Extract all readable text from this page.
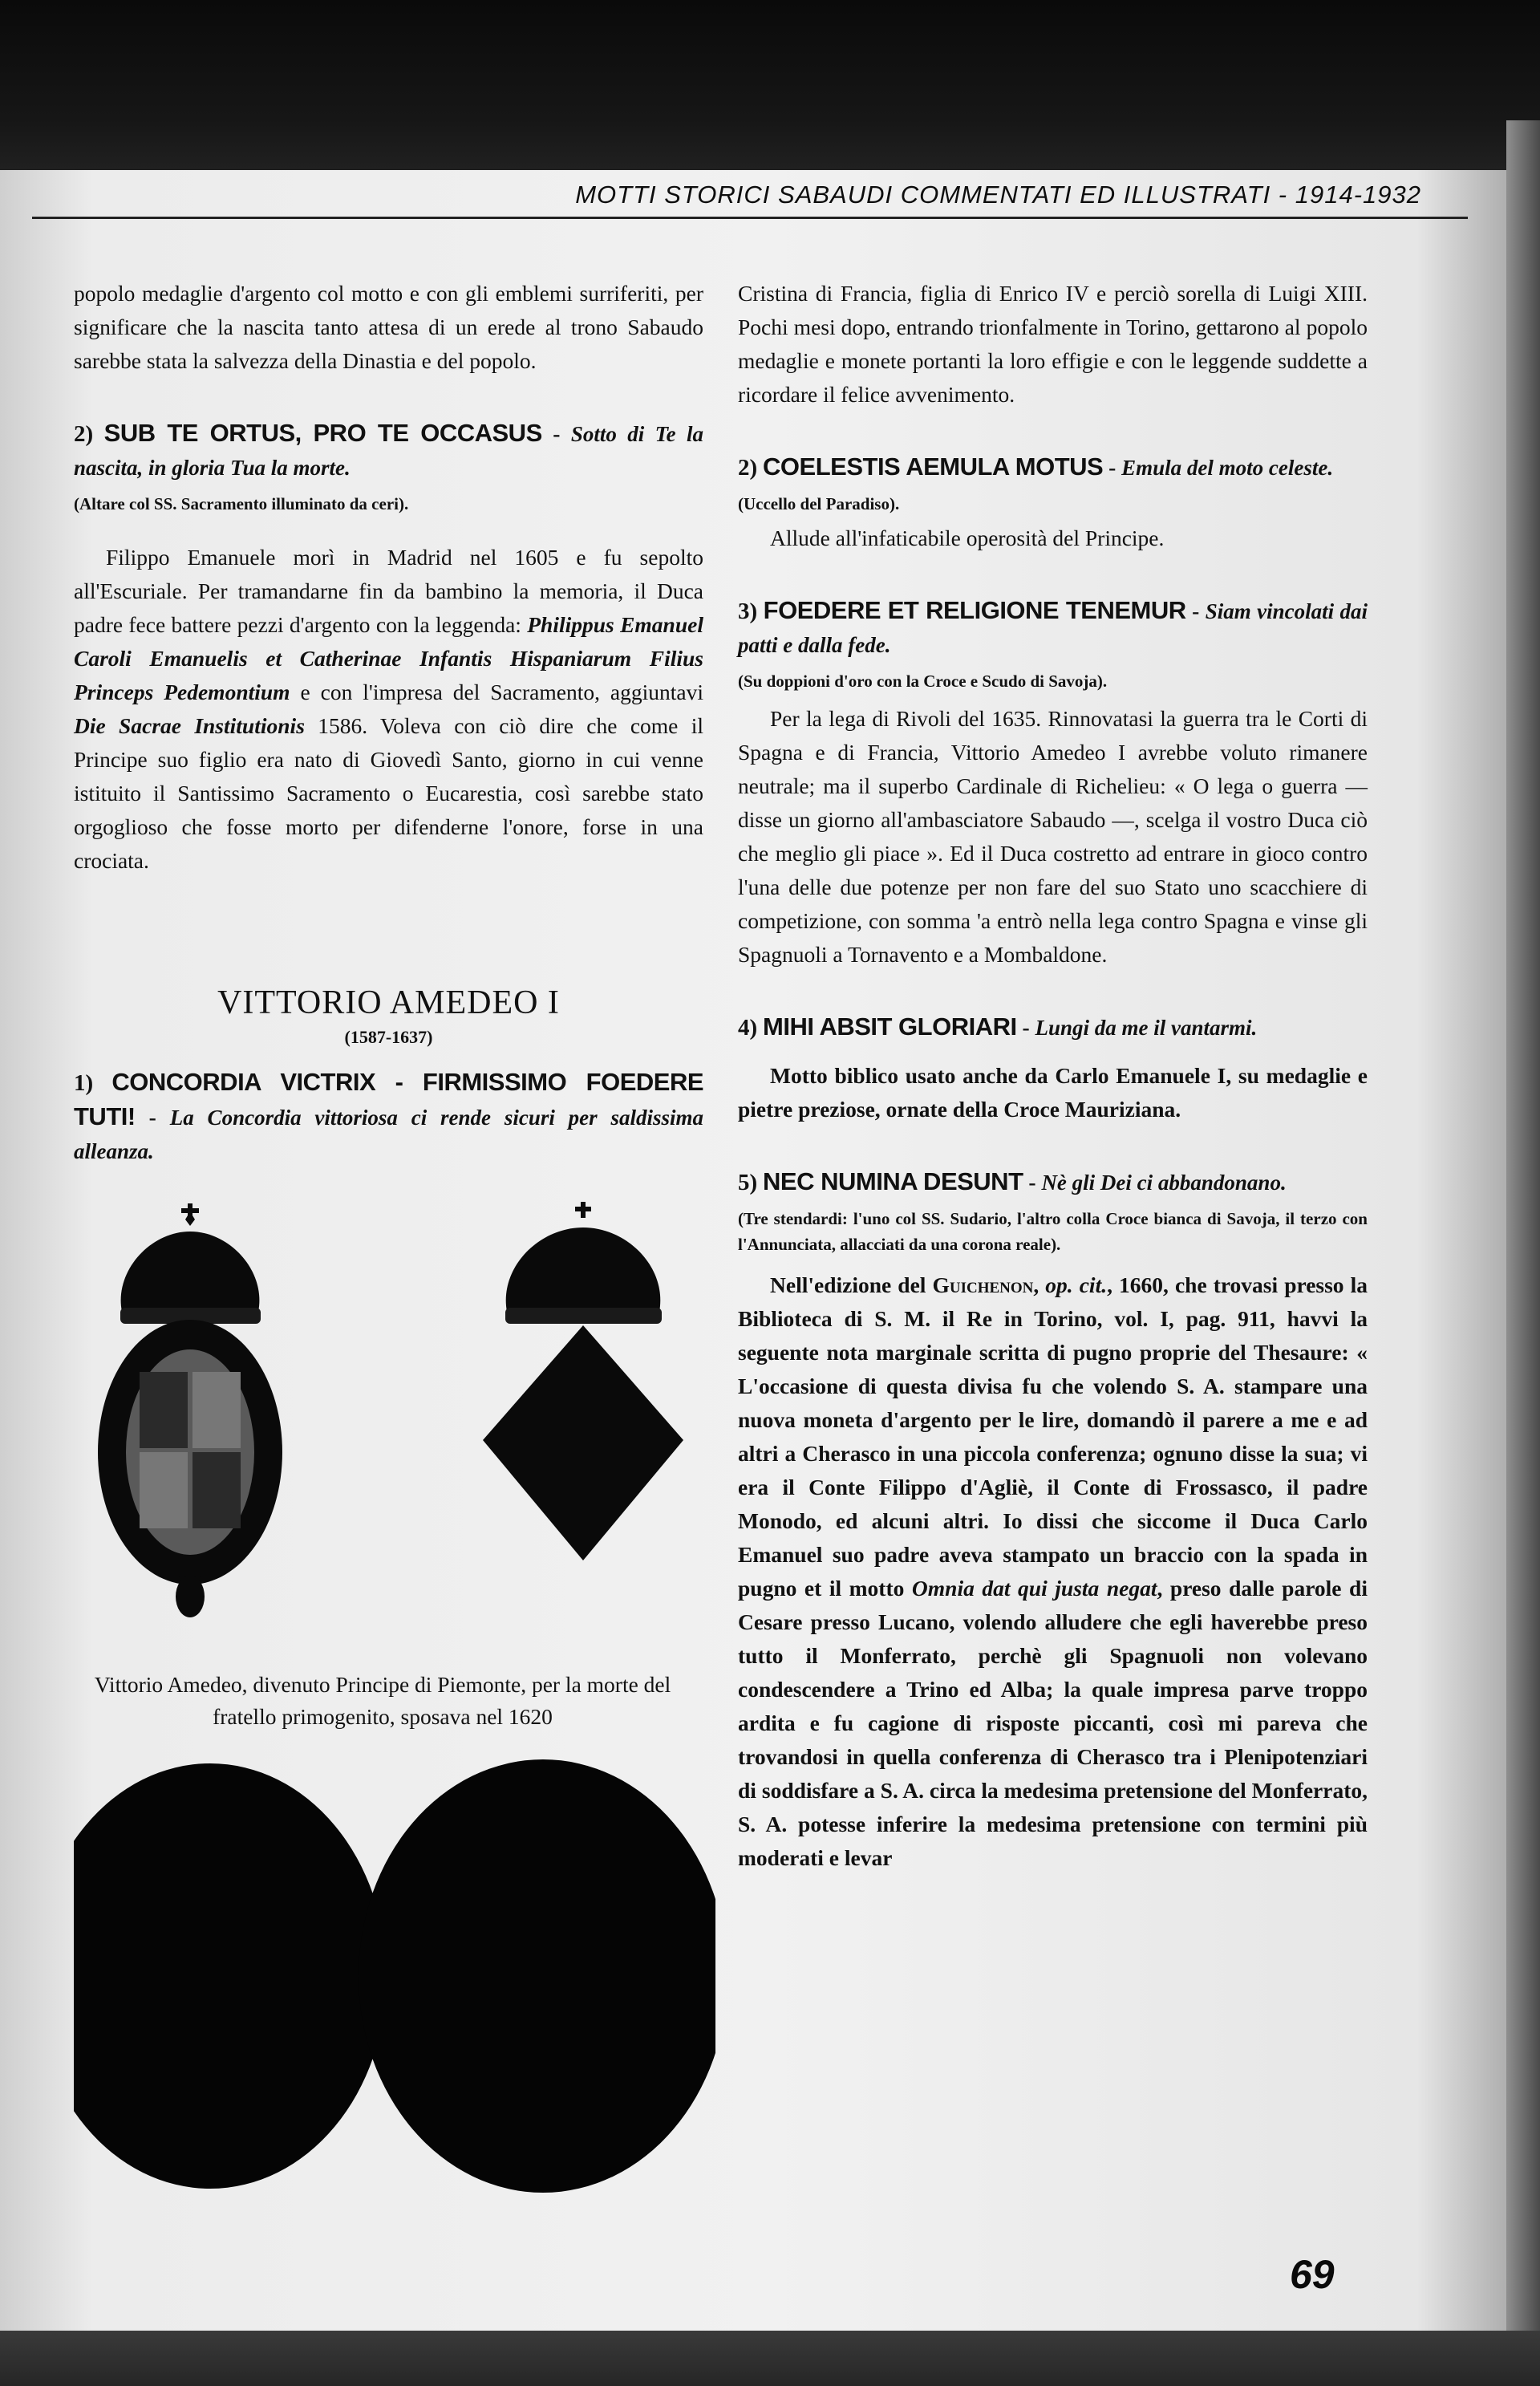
MOTTI STORICI SABAUDI COMMENTATI ED ILLUSTRATI - 1914-1932

popolo medaglie d'argento col motto e con gli emblemi surriferiti, per significare che la nascita tanto attesa di un erede al trono Sabaudo sarebbe stata la salvezza della Dinastia e del popolo.

2) SUB TE ORTUS, PRO TE OCCASUS - Sotto di Te la nascita, in gloria Tua la morte.

(Altare col SS. Sacramento illuminato da ceri).

Filippo Emanuele morì in Madrid nel 1605 e fu sepolto all'Escuriale. Per tramandarne fin da bambino la memoria, il Duca padre fece battere pezzi d'argento con la leggenda: Philippus Emanuel Caroli Emanuelis et Catherinae Infantis Hispaniarum Filius Princeps Pedemontium e con l'impresa del Sacramento, aggiuntavi Die Sacrae Institutionis 1586. Voleva con ciò dire che come il Principe suo figlio era nato di Giovedì Santo, giorno in cui venne istituito il Santissimo Sacramento o Eucarestia, così sarebbe stato orgoglioso che fosse morto per difenderne l'onore, forse in una crociata.

VITTORIO AMEDEO I

(1587-1637)

1) CONCORDIA VICTRIX - FIRMISSIMO FOEDERE TUTI! - La Concordia vittoriosa ci rende sicuri per saldissima alleanza.

Vittorio Amedeo, divenuto Principe di Piemonte, per la morte del fratello primogenito, sposava nel 1620

Cristina di Francia, figlia di Enrico IV e perciò sorella di Luigi XIII. Pochi mesi dopo, entrando trionfalmente in Torino, gettarono al popolo medaglie e monete portanti la loro effigie e con le leggende suddette a ricordare il felice avvenimento.

2) COELESTIS AEMULA MOTUS - Emula del moto celeste.

(Uccello del Paradiso).

Allude all'infaticabile operosità del Principe.

3) FOEDERE ET RELIGIONE TENEMUR - Siam vincolati dai patti e dalla fede.

(Su doppioni d'oro con la Croce e Scudo di Savoja).

Per la lega di Rivoli del 1635. Rinnovatasi la guerra tra le Corti di Spagna e di Francia, Vittorio Amedeo I avrebbe voluto rimanere neutrale; ma il superbo Cardinale di Richelieu: « O lega o guerra — disse un giorno all'ambasciatore Sabaudo —, scelga il vostro Duca ciò che meglio gli piace ». Ed il Duca costretto ad entrare in gioco contro l'una delle due potenze per non fare del suo Stato uno scacchiere di competizione, con somma 'a entrò nella lega contro Spagna e vinse gli Spagnuoli a Tornavento e a Mombaldone.

4) MIHI ABSIT GLORIARI - Lungi da me il vantarmi.

Motto biblico usato anche da Carlo Emanuele I, su medaglie e pietre preziose, ornate della Croce Mauriziana.

5) NEC NUMINA DESUNT - Nè gli Dei ci abbandonano.

(Tre stendardi: l'uno col SS. Sudario, l'altro colla Croce bianca di Savoja, il terzo con l'Annunciata, allacciati da una corona reale).

Nell'edizione del Guichenon, op. cit., 1660, che trovasi presso la Biblioteca di S. M. il Re in Torino, vol. I, pag. 911, havvi la seguente nota marginale scritta di pugno proprie del Thesaure: « L'occasione di questa divisa fu che volendo S. A. stampare una nuova moneta d'argento per le lire, domandò il parere a me e ad altri a Cherasco in una piccola conferenza; ognuno disse la sua; vi era il Conte Filippo d'Agliè, il Conte di Frossasco, il padre Monodo, ed alcuni altri. Io dissi che siccome il Duca Carlo Emanuel suo padre aveva stampato un braccio con la spada in pugno et il motto Omnia dat qui justa negat, preso dalle parole di Cesare presso Lucano, volendo alludere che egli haverebbe preso tutto il Monferrato, perchè gli Spagnuoli non volevano condescendere a Trino ed Alba; la quale impresa parve troppo ardita e fu cagione di risposte piccanti, così mi pareva che trovandosi in quella conferenza di Cherasco tra i Plenipotenziari di soddisfare a S. A. circa la medesima pretensione del Monferrato, S. A. potesse inferire la medesima pretensione con termini più moderati e levar

69
